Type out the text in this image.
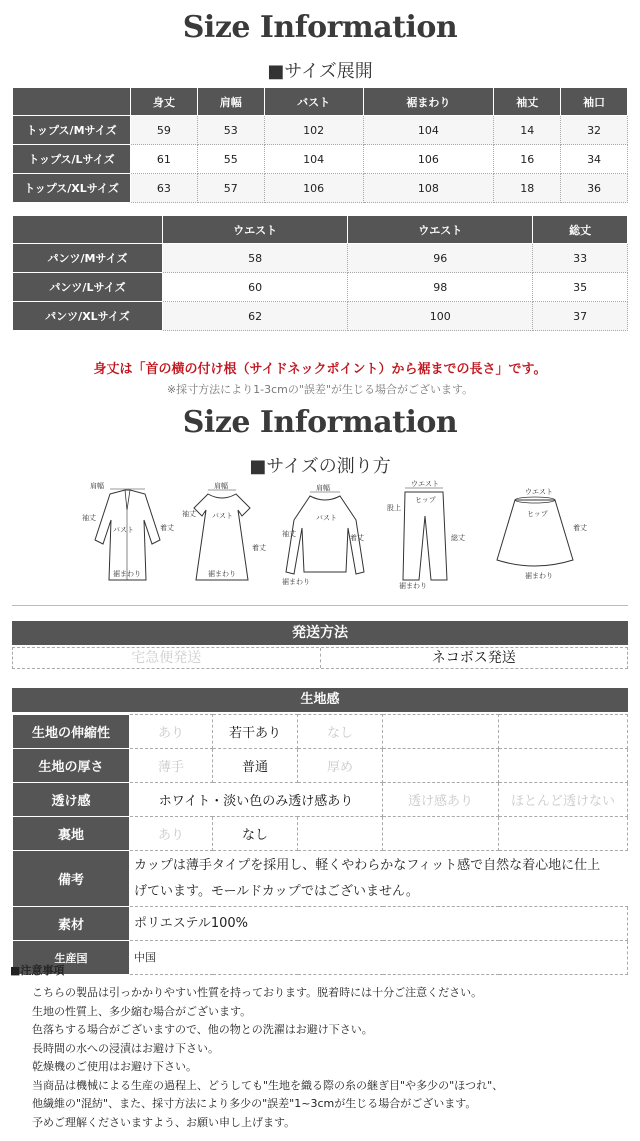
Size Information
■サイズ展開
	身丈	肩幅	バスト	裾まわり	袖丈	袖口
トップス/Mサイズ	59	53	102	104	14	32
トップス/Lサイズ	61	55	104	106	16	34
トップス/XLサイズ	63	57	106	108	18	36
	ウエスト	ウエスト	総丈
パンツ/Mサイズ	58	96	33
パンツ/Lサイズ	60	98	35
パンツ/XLサイズ	62	100	37
身丈は「首の横の付け根（サイドネックポイント）から裾までの長さ」です。
※採寸方法により1-3cmの"誤差"が生じる場合がございます。
Size Information
■サイズの測り方
肩幅
袖丈
バスト	着丈
裾まわり
肩幅
袖丈 バスト
着丈
裾まわり
肩幅
袖丈
バスト
着丈
裾まわり
ウエスト
ヒップ
股上
総丈
裾まわり
ウエスト
ヒップ
着丈
裾まわり
発送方法
宅急便発送	ネコボス発送
生地感
生地の伸縮性	あり	若干あり	なし		
生地の厚さ	薄手	普通	厚め		
透け感	ホワイト・淡い色のみ透け感あり			透け感あり	ほとんど透けない
裏地	あり	なし			
備考	カップは薄手タイプを採用し、軽くやわらかなフィット感で自然な着心地に仕上
げています。モールドカップではございません。				

素材	ポリエステル100%				
生産国	中国				
■注意事項
こちらの製品は引っかかりやすい性質を持っております。脱着時には十分ご注意ください。
生地の性質上、多少縮む場合がございます。
色落ちする場合がございますので、他の物との洗濯はお避け下さい。
長時間の水への浸漬はお避け下さい。
乾燥機のご使用はお避け下さい。
当商品は機械による生産の過程上、どうしても"生地を織る際の糸の継ぎ目"や多少の"ほつれ"、
他繊維の"混紡"、また、採寸方法により多少の"誤差"1~3cmが生じる場合がございます。
予めご理解くださいますよう、お願い申し上げます。
